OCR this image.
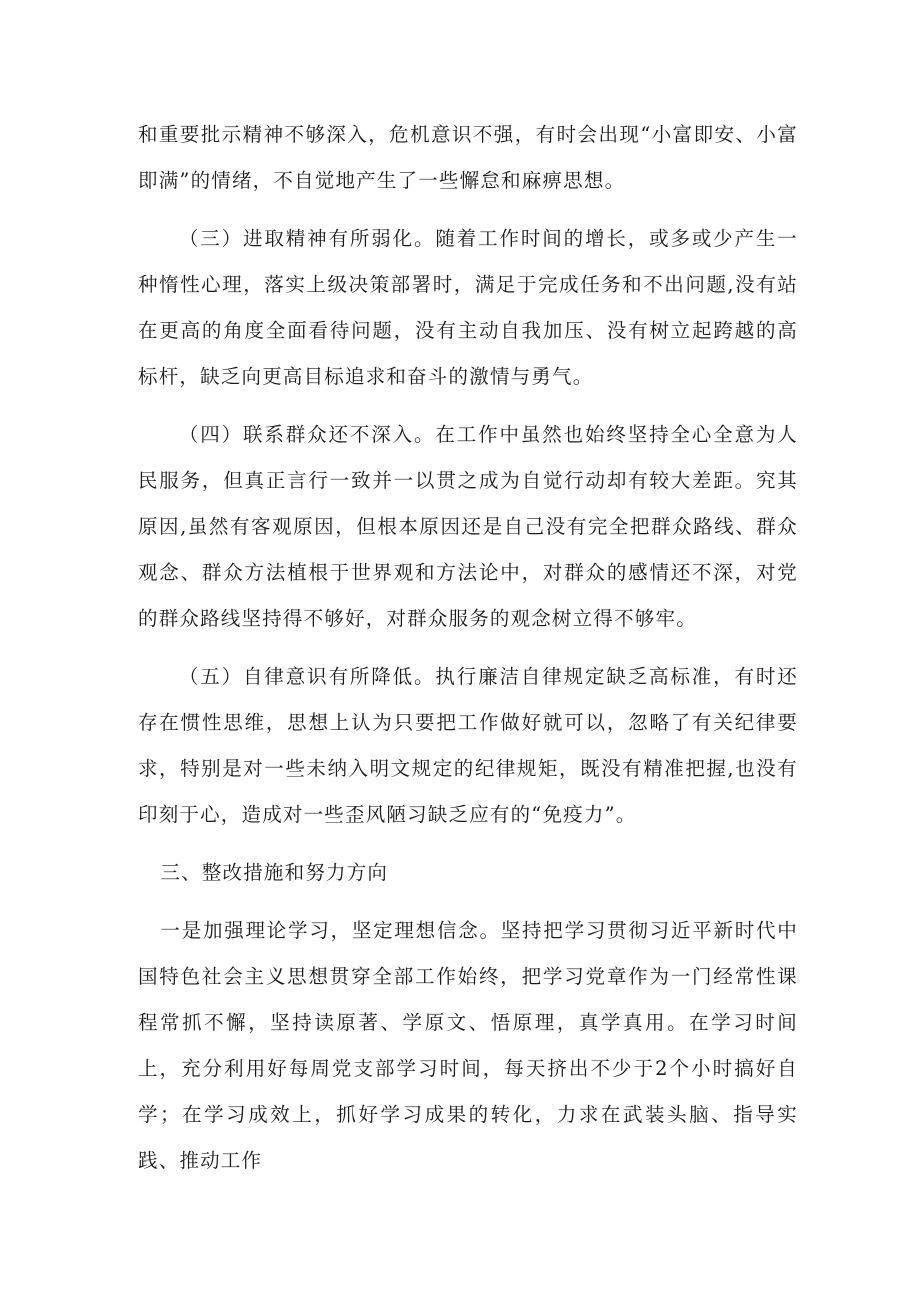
和重要批示精神不够深入，危机意识不强，有时会出现“小富即安、小富即满”的情绪，不自觉地产生了一些懈怠和麻痹思想。

（三）进取精神有所弱化。随着工作时间的增长，或多或少产生一种惰性心理，落实上级决策部署时，满足于完成任务和不出问题,没有站在更高的角度全面看待问题，没有主动自我加压、没有树立起跨越的高标杆，缺乏向更高目标追求和奋斗的激情与勇气。

（四）联系群众还不深入。在工作中虽然也始终坚持全心全意为人民服务，但真正言行一致并一以贯之成为自觉行动却有较大差距。究其原因,虽然有客观原因，但根本原因还是自己没有完全把群众路线、群众观念、群众方法植根于世界观和方法论中，对群众的感情还不深，对党的群众路线坚持得不够好，对群众服务的观念树立得不够牢。

（五）自律意识有所降低。执行廉洁自律规定缺乏高标准，有时还存在惯性思维，思想上认为只要把工作做好就可以，忽略了有关纪律要求，特别是对一些未纳入明文规定的纪律规矩，既没有精准把握,也没有印刻于心，造成对一些歪风陋习缺乏应有的“免疫力”。

三、整改措施和努力方向

一是加强理论学习，坚定理想信念。坚持把学习贯彻习近平新时代中国特色社会主义思想贯穿全部工作始终，把学习党章作为一门经常性课程常抓不懈，坚持读原著、学原文、悟原理，真学真用。在学习时间上，充分利用好每周党支部学习时间，每天挤出不少于2个小时搞好自学；在学习成效上，抓好学习成果的转化，力求在武装头脑、指导实践、推动工作
